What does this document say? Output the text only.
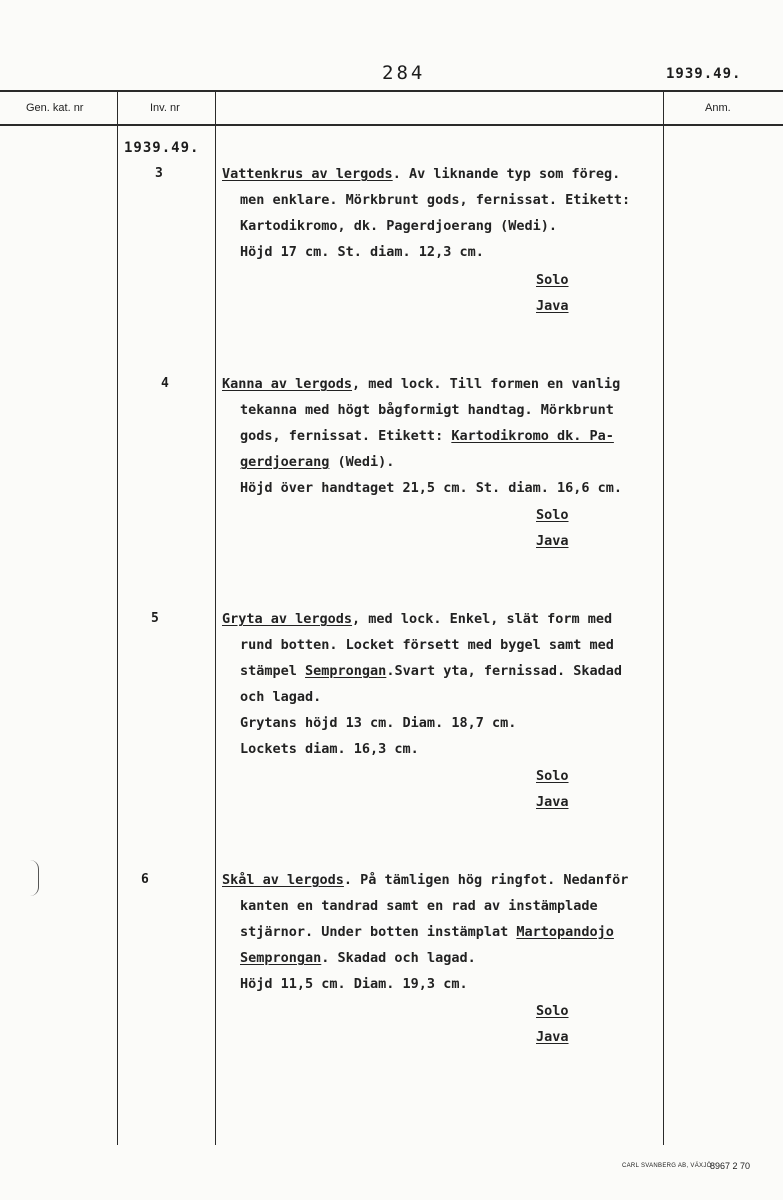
284	1939.49.
Gen. kat. nr	Inv. nr	Anm.
1939.49.
3	Vattenkrus av lergods. Av liknande typ som föreg.
men enklare. Mörkbrunt gods, fernissat. Etikett:
Kartodikromo, dk. Pagerdjoerang (Wedi).
Höjd 17 cm. St. diam. 12,3 cm.
Solo
Java
4	Kanna av lergods, med lock. Till formen en vanlig
tekanna med högt bågformigt handtag. Mörkbrunt
gods, fernissat. Etikett: Kartodikromo dk. Pa-
gerdjoerang (Wedi).
Höjd över handtaget 21,5 cm. St. diam. 16,6 cm.
Solo
Java
5	Gryta av lergods, med lock. Enkel, slät form med
rund botten. Locket försett med bygel samt med
stämpel Semprongan.Svart yta, fernissad. Skadad
och lagad.
Grytans höjd 13 cm. Diam. 18,7 cm.
Lockets diam. 16,3 cm.
Solo
Java
6	Skål av lergods. På tämligen hög ringfot. Nedanför
kanten en tandrad samt en rad av instämplade
stjärnor. Under botten instämplat Martopandojo
Semprongan. Skadad och lagad.
Höjd 11,5 cm. Diam. 19,3 cm.
Solo
Java
CARL SVANBERG AB, VÄXJÖ
8967 2 70
